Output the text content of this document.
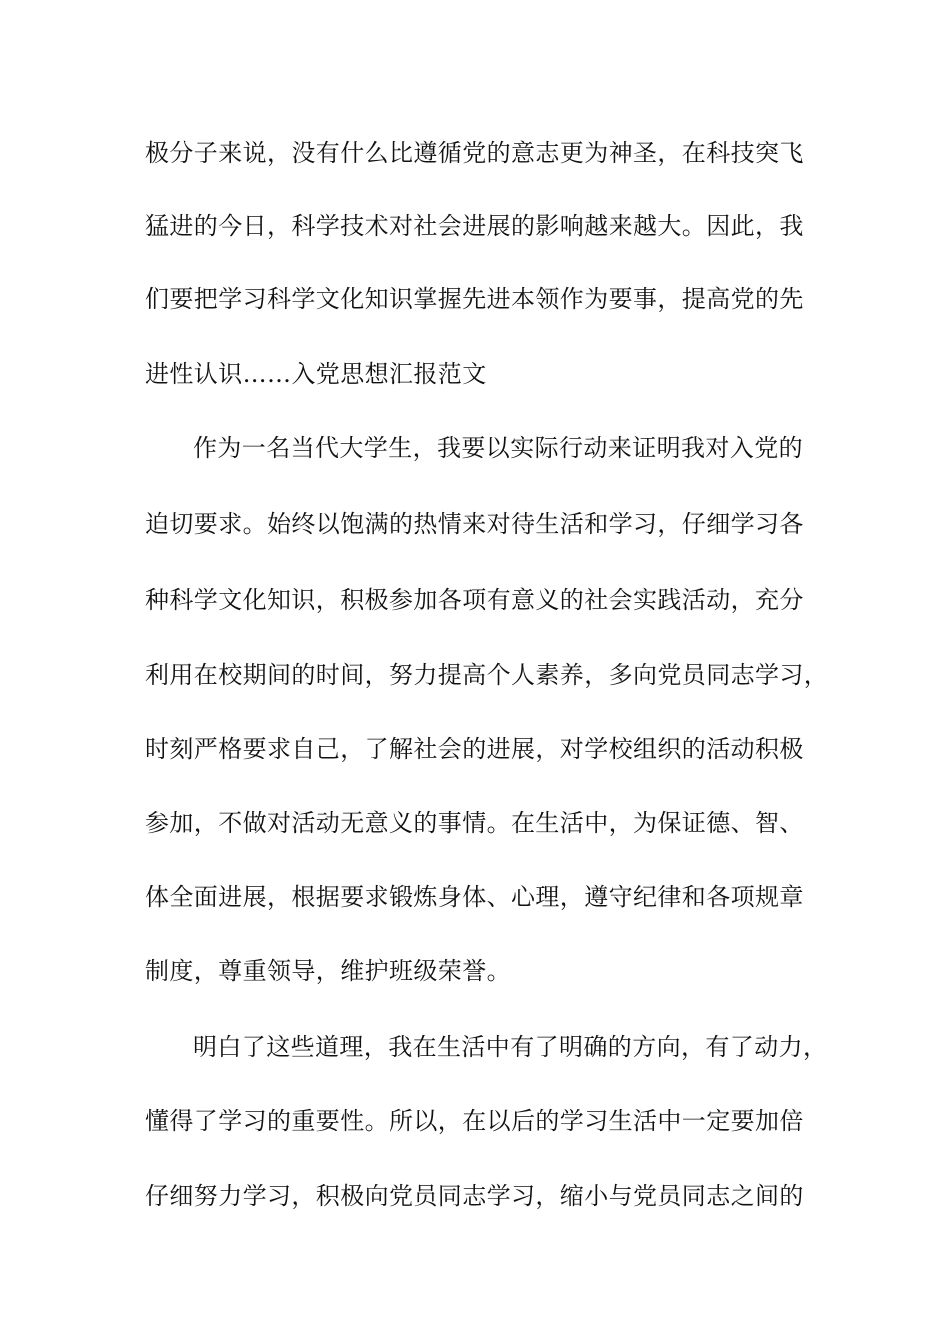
极分子来说，没有什么比遵循党的意志更为神圣，在科技突飞
猛进的今日，科学技术对社会进展的影响越来越大。因此，我
们要把学习科学文化知识掌握先进本领作为要事，提高党的先
进性认识……入党思想汇报范文
作为一名当代大学生，我要以实际行动来证明我对入党的
迫切要求。始终以饱满的热情来对待生活和学习，仔细学习各
种科学文化知识，积极参加各项有意义的社会实践活动，充分
利用在校期间的时间，努力提高个人素养，多向党员同志学习，
时刻严格要求自己，了解社会的进展，对学校组织的活动积极
参加，不做对活动无意义的事情。在生活中，为保证德、智、
体全面进展，根据要求锻炼身体、心理，遵守纪律和各项规章
制度，尊重领导，维护班级荣誉。
明白了这些道理，我在生活中有了明确的方向，有了动力，
懂得了学习的重要性。所以，在以后的学习生活中一定要加倍
仔细努力学习，积极向党员同志学习，缩小与党员同志之间的
